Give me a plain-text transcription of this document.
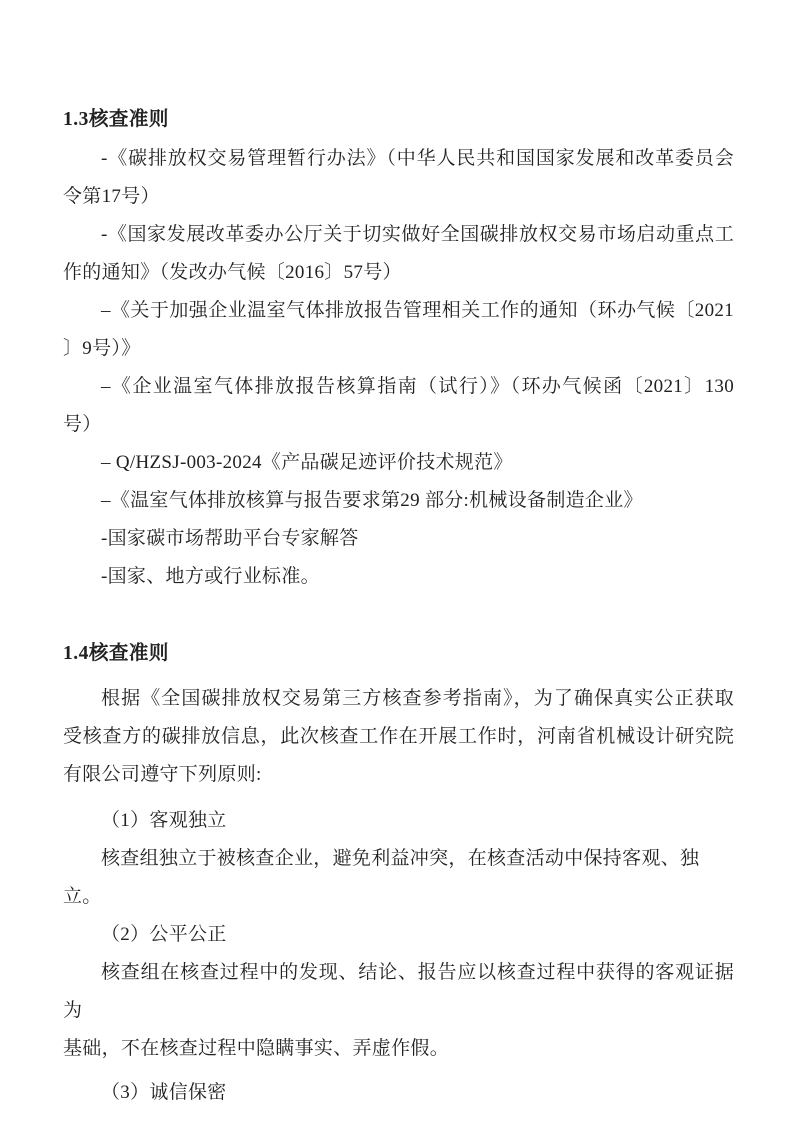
1.3核查准则
-《碳排放权交易管理暂行办法》（中华人民共和国国家发展和改革委员会
令第17号）
-《国家发展改革委办公厅关于切实做好全国碳排放权交易市场启动重点工
作的通知》（发改办气候〔2016〕57号）
–《关于加强企业温室气体排放报告管理相关工作的通知（环办气候〔2021
〕9号）》
–《企业温室气体排放报告核算指南（试行）》（环办气候函〔2021〕130
号）
– Q/HZSJ-003-2024《产品碳足迹评价技术规范》
–《温室气体排放核算与报告要求第29 部分:机械设备制造企业》
-国家碳市场帮助平台专家解答
-国家、地方或行业标准。
1.4核查准则
根据《全国碳排放权交易第三方核查参考指南》，为了确保真实公正获取
受核查方的碳排放信息，此次核查工作在开展工作时，河南省机械设计研究院
有限公司遵守下列原则:
（1）客观独立
核查组独立于被核查企业，避免利益冲突，在核查活动中保持客观、独立。
（2）公平公正
核查组在核查过程中的发现、结论、报告应以核查过程中获得的客观证据为
基础，不在核查过程中隐瞒事实、弄虚作假。
（3）诚信保密
